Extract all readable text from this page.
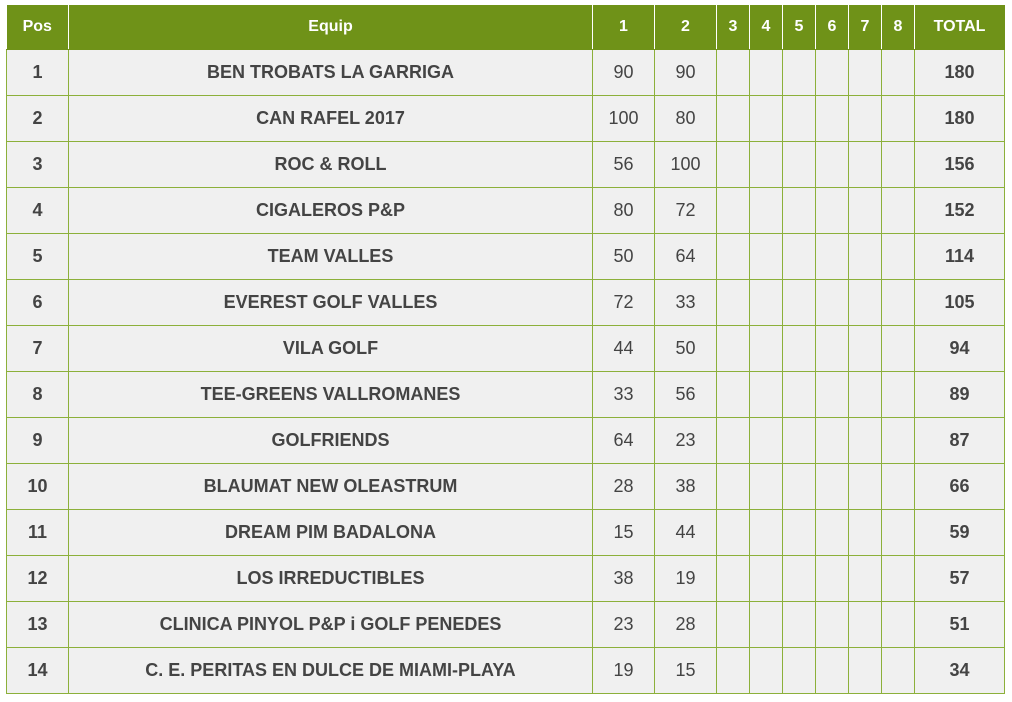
Pos	Equip	1	2	3	4	5	6	7	8	TOTAL
1	BEN TROBATS LA GARRIGA	90	90							180
2	CAN RAFEL 2017	100	80							180
3	ROC & ROLL	56	100							156
4	CIGALEROS P&P	80	72							152
5	TEAM VALLES	50	64							114
6	EVEREST GOLF VALLES	72	33							105
7	VILA GOLF	44	50							94
8	TEE-GREENS VALLROMANES	33	56							89
9	GOLFRIENDS	64	23							87
10	BLAUMAT NEW OLEASTRUM	28	38							66
11	DREAM PIM BADALONA	15	44							59
12	LOS IRREDUCTIBLES	38	19							57
13	CLINICA PINYOL P&P i GOLF PENEDES	23	28							51
14	C. E. PERITAS EN DULCE DE MIAMI-PLAYA	19	15							34
